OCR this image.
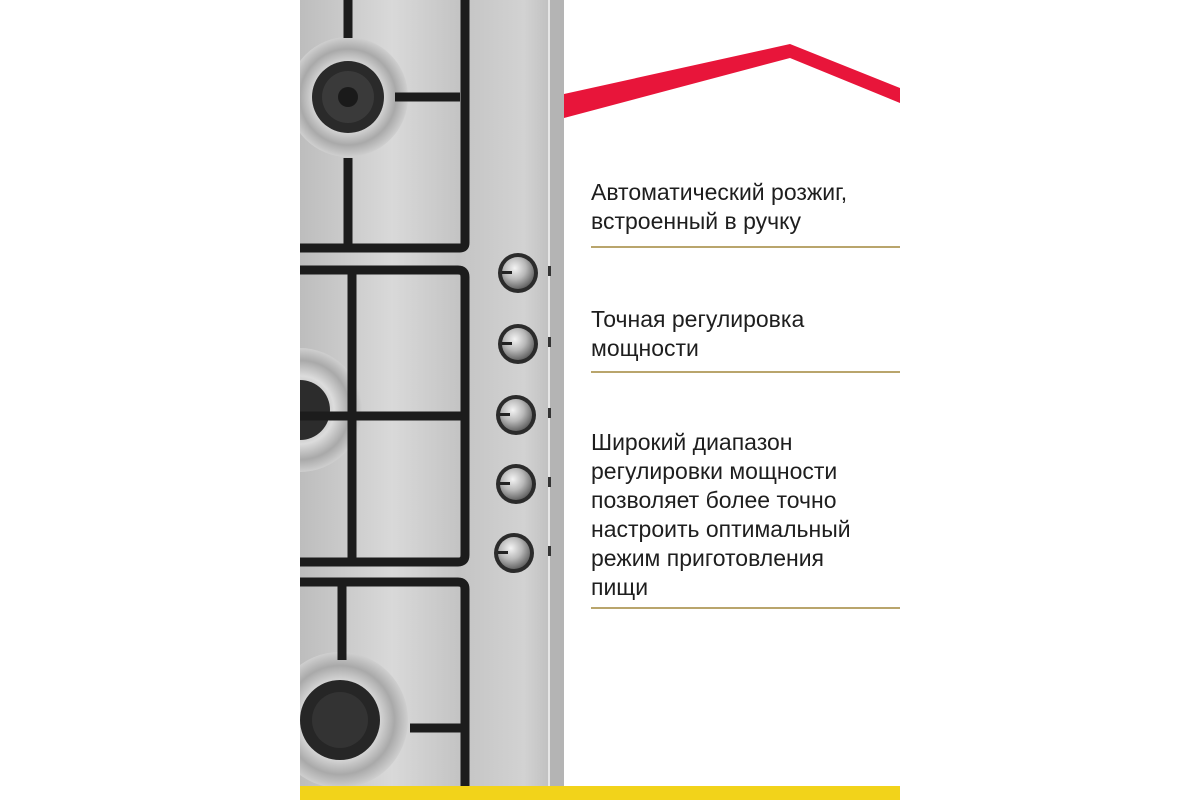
Автоматический розжиг,
встроенный в ручку

Точная регулировка
мощности

Широкий диапазон
регулировки мощности
позволяет более точно
настроить оптимальный
режим приготовления
пищи
